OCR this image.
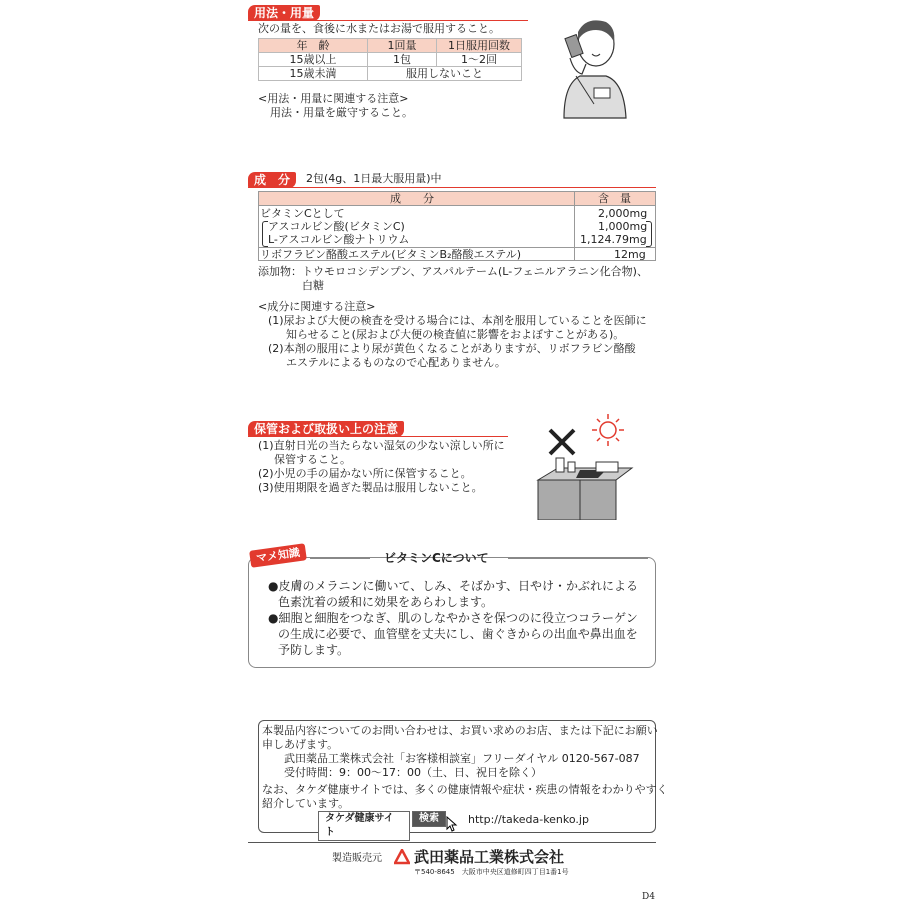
用法・用量
次の量を、食後に水またはお湯で服用すること。
年　齢	1回量	1日服用回数
15歳以上	1包	1〜2回
15歳未満	服用しないこと	
<用法・用量に関連する注意>
用法・用量を厳守すること。
成　分	2包(4g、1日最大服用量)中
成　　分	含　量
ビタミンCとして	2,000mg
アスコルビン酸(ビタミンC)	1,000mg
L-アスコルビン酸ナトリウム	1,124.79mg
リボフラビン酪酸エステル(ビタミンB₂酪酸エステル)	12mg
添加物： トウモロコシデンプン、アスパルテーム(L-フェニルアラニン化合物)、
白糖
<成分に関連する注意>
(1)尿および大便の検査を受ける場合には、本剤を服用していることを医師に
知らせること(尿および大便の検査値に影響をおよぼすことがある)。
(2)本剤の服用により尿が黄色くなることがありますが、リボフラビン酪酸
エステルによるものなので心配ありません。
保管および取扱い上の注意
(1)直射日光の当たらない湿気の少ない涼しい所に
保管すること。
(2)小児の手の届かない所に保管すること。
(3)使用期限を過ぎた製品は服用しないこと。
マメ知識	ビタミンCについて
●皮膚のメラニンに働いて、しみ、そばかす、日やけ・かぶれによる
色素沈着の緩和に効果をあらわします。
●細胞と細胞をつなぎ、肌のしなやかさを保つのに役立つコラーゲン
の生成に必要で、血管壁を丈夫にし、歯ぐきからの出血や鼻出血を
予防します。
本製品内容についてのお問い合わせは、お買い求めのお店、または下記にお願い
申しあげます。
武田薬品工業株式会社「お客様相談室」フリーダイヤル 0120-567-087
受付時間：9：00〜17：00（土、日、祝日を除く）
なお、タケダ健康サイトでは、多くの健康情報や症状・疾患の情報をわかりやすく
紹介しています。
タケダ健康サイト
検索	http://takeda-kenko.jp
製造販売元 武田薬品工業株式会社
〒540-8645　大阪市中央区道修町四丁目1番1号
D4
